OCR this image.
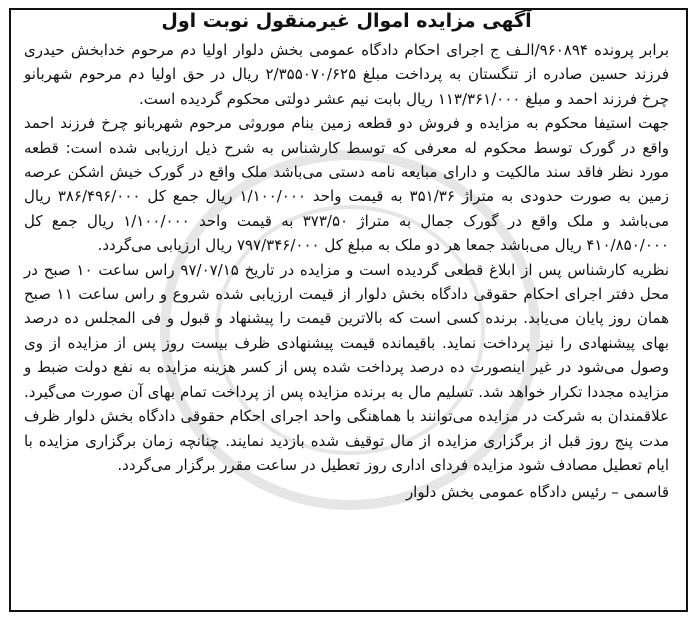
آگهی مزایده اموال غیرمنقول نوبت اول

برابر پرونده ۹۶۰۸۹۴/الـف ج اجرای احکام دادگاه عمومی بخش دلوار اولیا دم مرحوم خدابخش حیدری فرزند حسین صادره از تنگستان به پرداخت مبلغ ۲/۳۵۵۰۷۰/۶۲۵ ریال در حق اولیا دم مرحوم شهربانو چرخ فرزند احمد و مبلغ ۱۱۳/۳۶۱/۰۰۰ ریال بابت نیم عشر دولتی محکوم گردیده است.

جهت استیفا محکوم به مزایده و فروش دو قطعه زمین بنام موروثی مرحوم شهربانو چرخ فرزند احمد واقع در گورک توسط محکوم له معرفی که توسط کارشناس به شرح ذیل ارزیابی شده است: قطعه مورد نظر فاقد سند مالکیت و دارای مبایعه نامه دستی می‌باشد ملک واقع در گورک خیش اشکن عرصه زمین به صورت حدودی به متراژ ۳۵۱/۳۶ به قیمت واحد ۱/۱۰۰/۰۰۰ ریال جمع کل ۳۸۶/۴۹۶/۰۰۰ ریال می‌باشد و ملک واقع در گورک جمال به متراژ ۳۷۳/۵۰ به قیمت واحد ۱/۱۰۰/۰۰۰ ریال جمع کل ۴۱۰/۸۵۰/۰۰۰ ریال می‌باشد جمعا هر دو ملک به مبلغ کل ۷۹۷/۳۴۶/۰۰۰ ریال ارزیابی می‌گردد.

نظریه کارشناس پس از ابلاغ قطعی گردیده است و مزایده در تاریخ ۹۷/۰۷/۱۵ راس ساعت ۱۰ صبح در محل دفتر اجرای احکام حقوقی دادگاه بخش دلوار از قیمت ارزیابی شده شروع و راس ساعت ۱۱ صبح همان روز پایان می‌یابد. برنده کسی است که بالاترین قیمت را پیشنهاد و قبول و فی المجلس ده درصد بهای پیشنهادی را نیز پرداخت نماید. باقیمانده قیمت پیشنهادی ظرف بیست روز پس از مزایده از وی وصول می‌شود در غیر اینصورت ده درصد پرداخت شده پس از کسر هزینه مزایده به نفع دولت ضبط و مزایده مجددا تکرار خواهد شد. تسلیم مال به برنده مزایده پس از پرداخت تمام بهای آن صورت می‌گیرد. علاقمندان به شرکت در مزایده می‌توانند با هماهنگی واحد اجرای احکام حقوقی دادگاه بخش دلوار ظرف مدت پنج روز قبل از برگزاری مزایده از مال توقیف شده بازدید نمایند. چنانچه زمان برگزاری مزایده با ایام تعطیل مصادف شود مزایده فردای اداری روز تعطیل در ساعت مقرر برگزار می‌گردد.

قاسمی – رئیس دادگاه عمومی بخش دلوار
